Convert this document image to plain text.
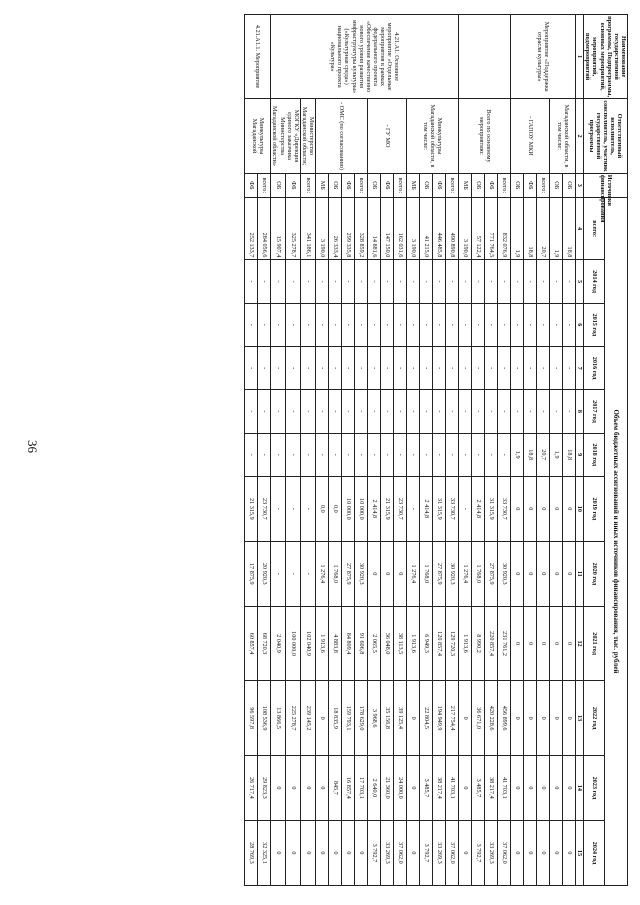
36
Наименование государственной программы, Подпрограммы, основных мероприятий, мероприятий, подмероприятий	Ответственный исполнитель, соисполнитель, участник государственной программы	Источники финансирования	Объем бюджетных ассигнований и иных источников финансирования, тыс. рублей											
			всего:	2014 год	2015 год	2016 год	2017 год	2018 год	2019 год	2020 год	2021 год	2022 год	2023 год	2024 год
1	2	3	4	5	6	7	8	9	10	11	12	13	14	15
Мероприятие «Поддержка отрасли культуры»	Магаданской области, в том числе:	ОБ	18,8	-	-	-	-	18,8	0	0	0	0	0	0
		ОБ	1,9	-	-	-	-	1,9	0	0	0	0	0	0
	- ГАПОУ МКИ	всего:	20,7	-	-	-	-	20,7	0	0	0	0	0	0
		ФБ	18,8	-	-	-	-	18,8	0	0	0	0	0	0
		ОБ	1,9	-	-	-	-	1,9	0	0	0	0	0	0
	Всего по основному мероприятию:	всего:	832 076,9	-	-	-	-	-	33 730,7	30 920,3	231 761,2	456 899,6	41 703,1	37 062,0
		ФБ	771 764,5	-	-	-	-	-	31 315,9	27 875,9	220 857,4	420 228,6	38 217,4	33 269,3
		ОБ	57 122,4	-	-	-	-	-	2 414,8	1 768,0	8 990,2	36 671,0	3 485,7	3 792,7
		МБ	3 190,0	-	-	-	-	-	-	1 276,4	1 913,6	0	0	0
4.21.А1. Основное мероприятие «Отдельные мероприятия в рамках федерального проекта «Обеспечение качественно нового уровня развития инфраструктуры культуры» («Культурная среда») национального проекта «Культура»	Минкультуры Магаданской области, в том числе:	всего:	490 890,8	-	-	-	-	-	33 730,7	30 920,3	129 720,3	217 754,4	41 703,1	37 062,0
		ФБ	446 485,8	-	-	-	-	-	31 315,9	27 875,9	120 857,4	194 949,9	38 217,4	33 269,3
		ОБ	41 215,0	-	-	-	-	-	2 414,8	1 768,0	6 949,3	22 804,5	3 485,7	3 792,7
		МБ	3 190,0	-	-	-	-	-	-	1 276,4	1 913,6	0	0	0
	- ГУ МО	всего:	162 031,6	-	-	-	-	-	23 730,7	0	38 113,5	39 125,4	24 000,0	37 062,0
		ФБ	147 150,0	-	-	-	-	-	21 315,9	0	36 048,0	35 156,8	21 360,0	33 269,3
		ОБ	14 881,6	-	-	-	-	-	2 414,8	0	2 065,5	3 968,6	2 640,0	3 792,7
	- ОМС (по согласованию)	всего:	328 859,2	-	-	-	-	-	10 000,0	30 920,3	91 606,8	178 629,0	17 703,1	0
		ФБ	299 335,8	-	-	-	-	-	10 000,0	27 875,9	84 809,4	159 793,1	16 857,4	0
		ОБ	26 333,4	-	-	-	-	-	0,0	1 768,0	4 883,8	18 835,9	845,7	0
		МБ	3 190,0	-	-	-	-	-	0,0	1 276,4	1 913,6	0	0	0
	Министерство Магаданской области;	всего:	341 186,1	-	-	-	-	-	-	-	102 040,9	239 145,2	0	0
	МОГКУ «Дирекция единого заказчика Министерства Магаданской области»	ФБ	325 278,7	-	-	-	-	-	-	-	100 000,0	225 278,7	0	0
		ОБ	15 907,4	-	-	-	-	-	-	-	2 040,9	13 866,5	0	0
4.21.А1.1. Мероприятие	Минкультуры Магаданской	всего:	284 056,6	-	-	-	-	-	23 730,7	20 920,3	68 720,3	108 536,9	29 823,3	32 325,1
		ФБ	252 133,7	-	-	-	-	-	21 315,9	17 875,9	60 857,4	96 597,8	26 717,4	28 769,3
